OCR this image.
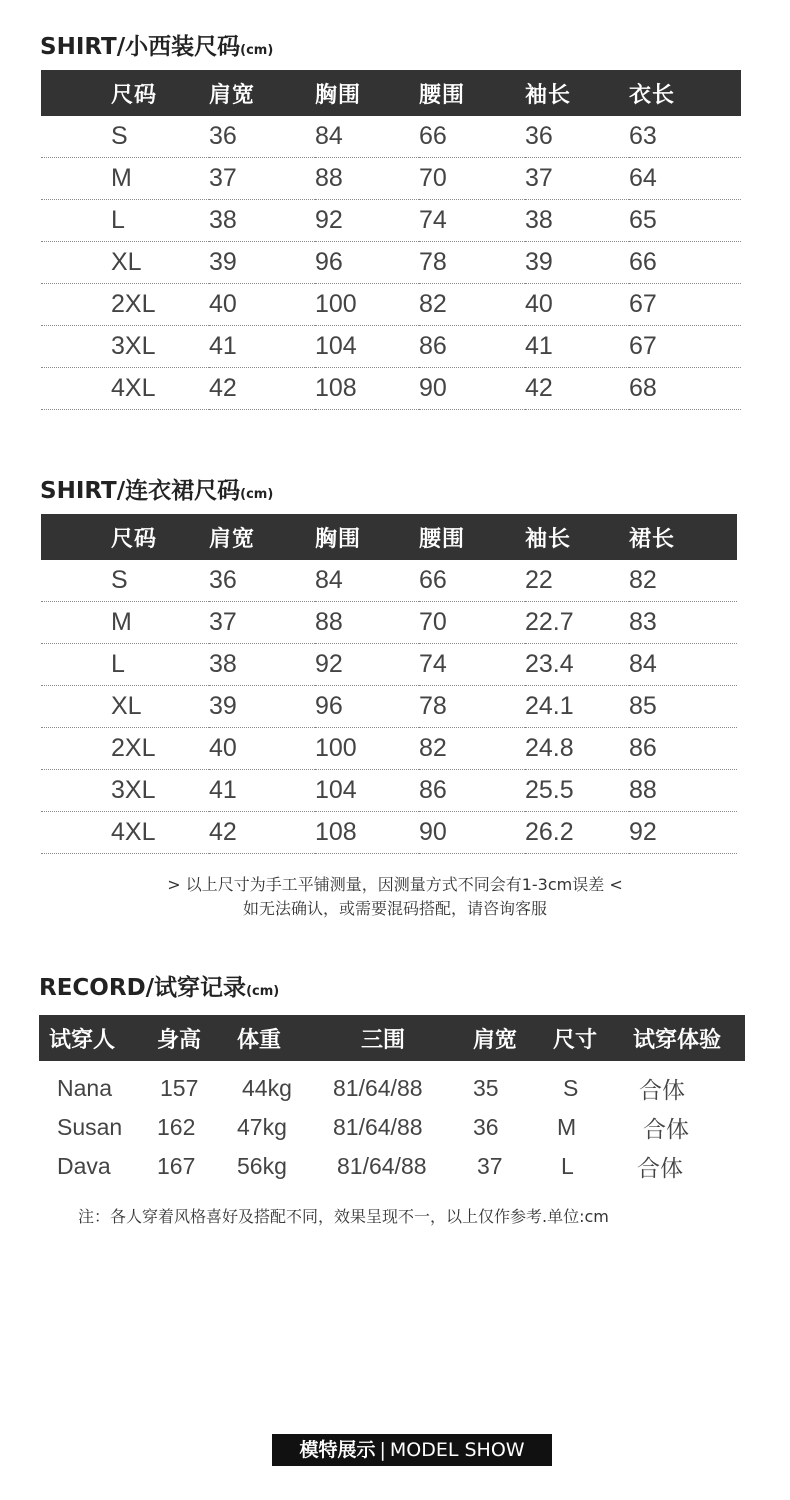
SHIRT/小西装尺码(cm)
尺码	肩宽	胸围	腰围	袖长	衣长
S	36	84	66	36	63
M	37	88	70	37	64
L	38	92	74	38	65
XL	39	96	78	39	66
2XL	40	100	82	40	67
3XL	41	104	86	41	67
4XL	42	108	90	42	68
SHIRT/连衣裙尺码(cm)
尺码	肩宽	胸围	腰围	袖长	裙长
S	36	84	66	22	82
M	37	88	70	22.7	83
L	38	92	74	23.4	84
XL	39	96	78	24.1	85
2XL	40	100	82	24.8	86
3XL	41	104	86	25.5	88
4XL	42	108	90	26.2	92
> 以上尺寸为手工平铺测量，因测量方式不同会有1-3cm误差 <
如无法确认，或需要混码搭配，请咨询客服
RECORD/试穿记录(cm)
试穿人	身高	体重	三围	肩宽	尺寸	试穿体验

Nana	157	44kg	81/64/88	35	S	合体
Susan	162	47kg	81/64/88	36	M	合体
Dava	167	56kg	81/64/88	37	L	合体
注：各人穿着风格喜好及搭配不同，效果呈现不一，以上仅作参考.单位:cm
模特展示 | MODEL SHOW
